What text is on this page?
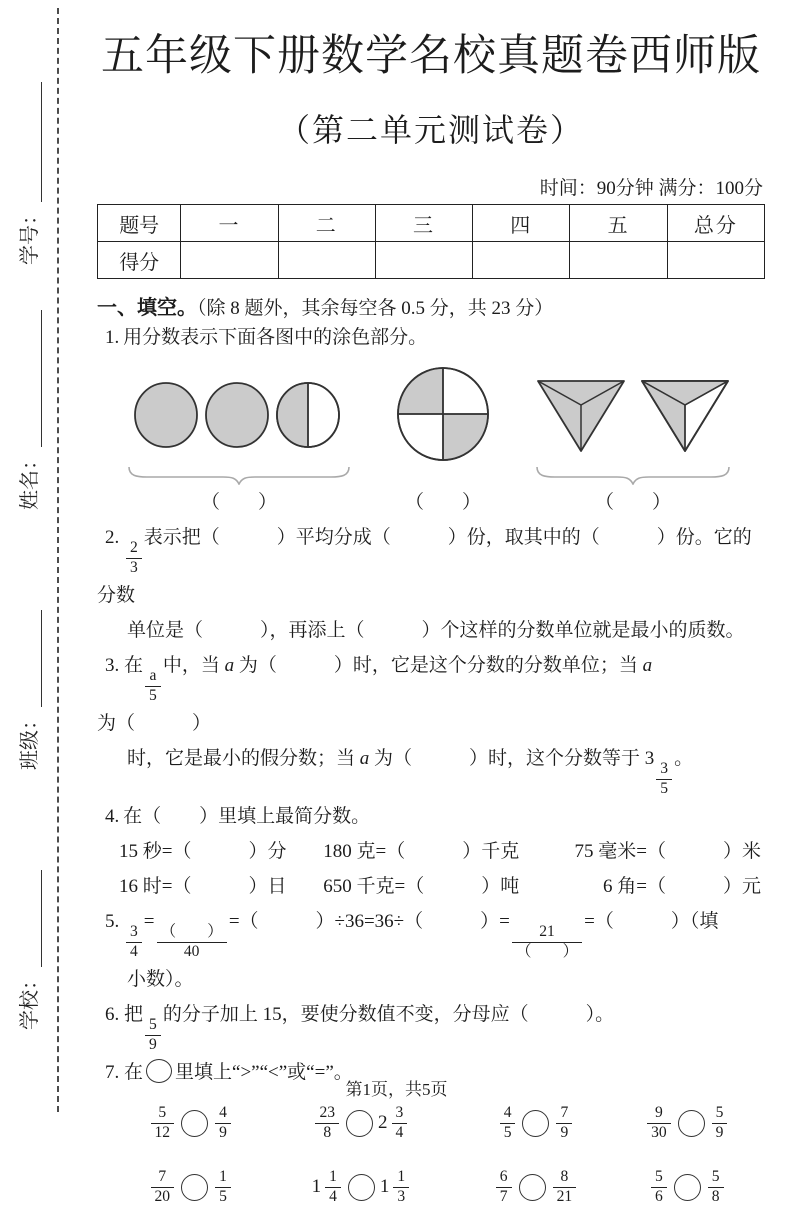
学号：
姓名：
班级：
学校：
五年级下册数学名校真题卷西师版
（第二单元测试卷）
时间：90分钟 满分：100分
题号	一	二	三	四	五	总分
得分						
一、填空。（除 8 题外，其余每空各 0.5 分，共 23 分）

1.  用分数表示下面各图中的涂色部分。

（　　）	（　　）	（　　）

2.
$\frac{2}{3}$
表示把（　　　）平均分成（　　　）份，取其中的（　　　）份。它的分数

单位是（　　　），再添上（　　　）个这样的分数单位就是最小的质数。

3. 在
$\frac{a}{5}$
中，当 a 为（　　　）时，它是这个分数的分数单位；当 a 为（　　　）

时，它是最小的假分数；当 a 为（　　　）时，这个分数等于 3
$\frac{3}{5}$
。

4.  在（　　）里填上最简分数。

15 秒=（　　　）分	180 克=（　　　）千克	75 毫米=（　　　）米
16 时=（　　　）日	650 千克=（　　　）吨	6 角=（　　　）元

5.
$\frac{3}{4}$
=
$\frac{( )}{40}$
=（　　　）÷36=36÷（　　　）=
$\frac{21}{( )}$
=（　　　）（填

小数）。

6. 把
$\frac{5}{9}$
的分子加上 15，要使分数值不变，分母应（　　　）。

7. 在 里填上“>”“<”或“=”。

$\frac{5}{12}$	$\frac{4}{9}$	$\frac{23}{8} 2 \frac{3}{4}$	$\frac{4}{5}$	$\frac{7}{9}$	$\frac{9}{30}$	$\frac{5}{9}$
$\frac{7}{20}$	$\frac{1}{5}$	$1 \frac{1}{4} 1 \frac{1}{3}$	$\frac{6}{7}$	$\frac{8}{21}$	$\frac{5}{6}$	$\frac{5}{8}$
第1页，共5页
